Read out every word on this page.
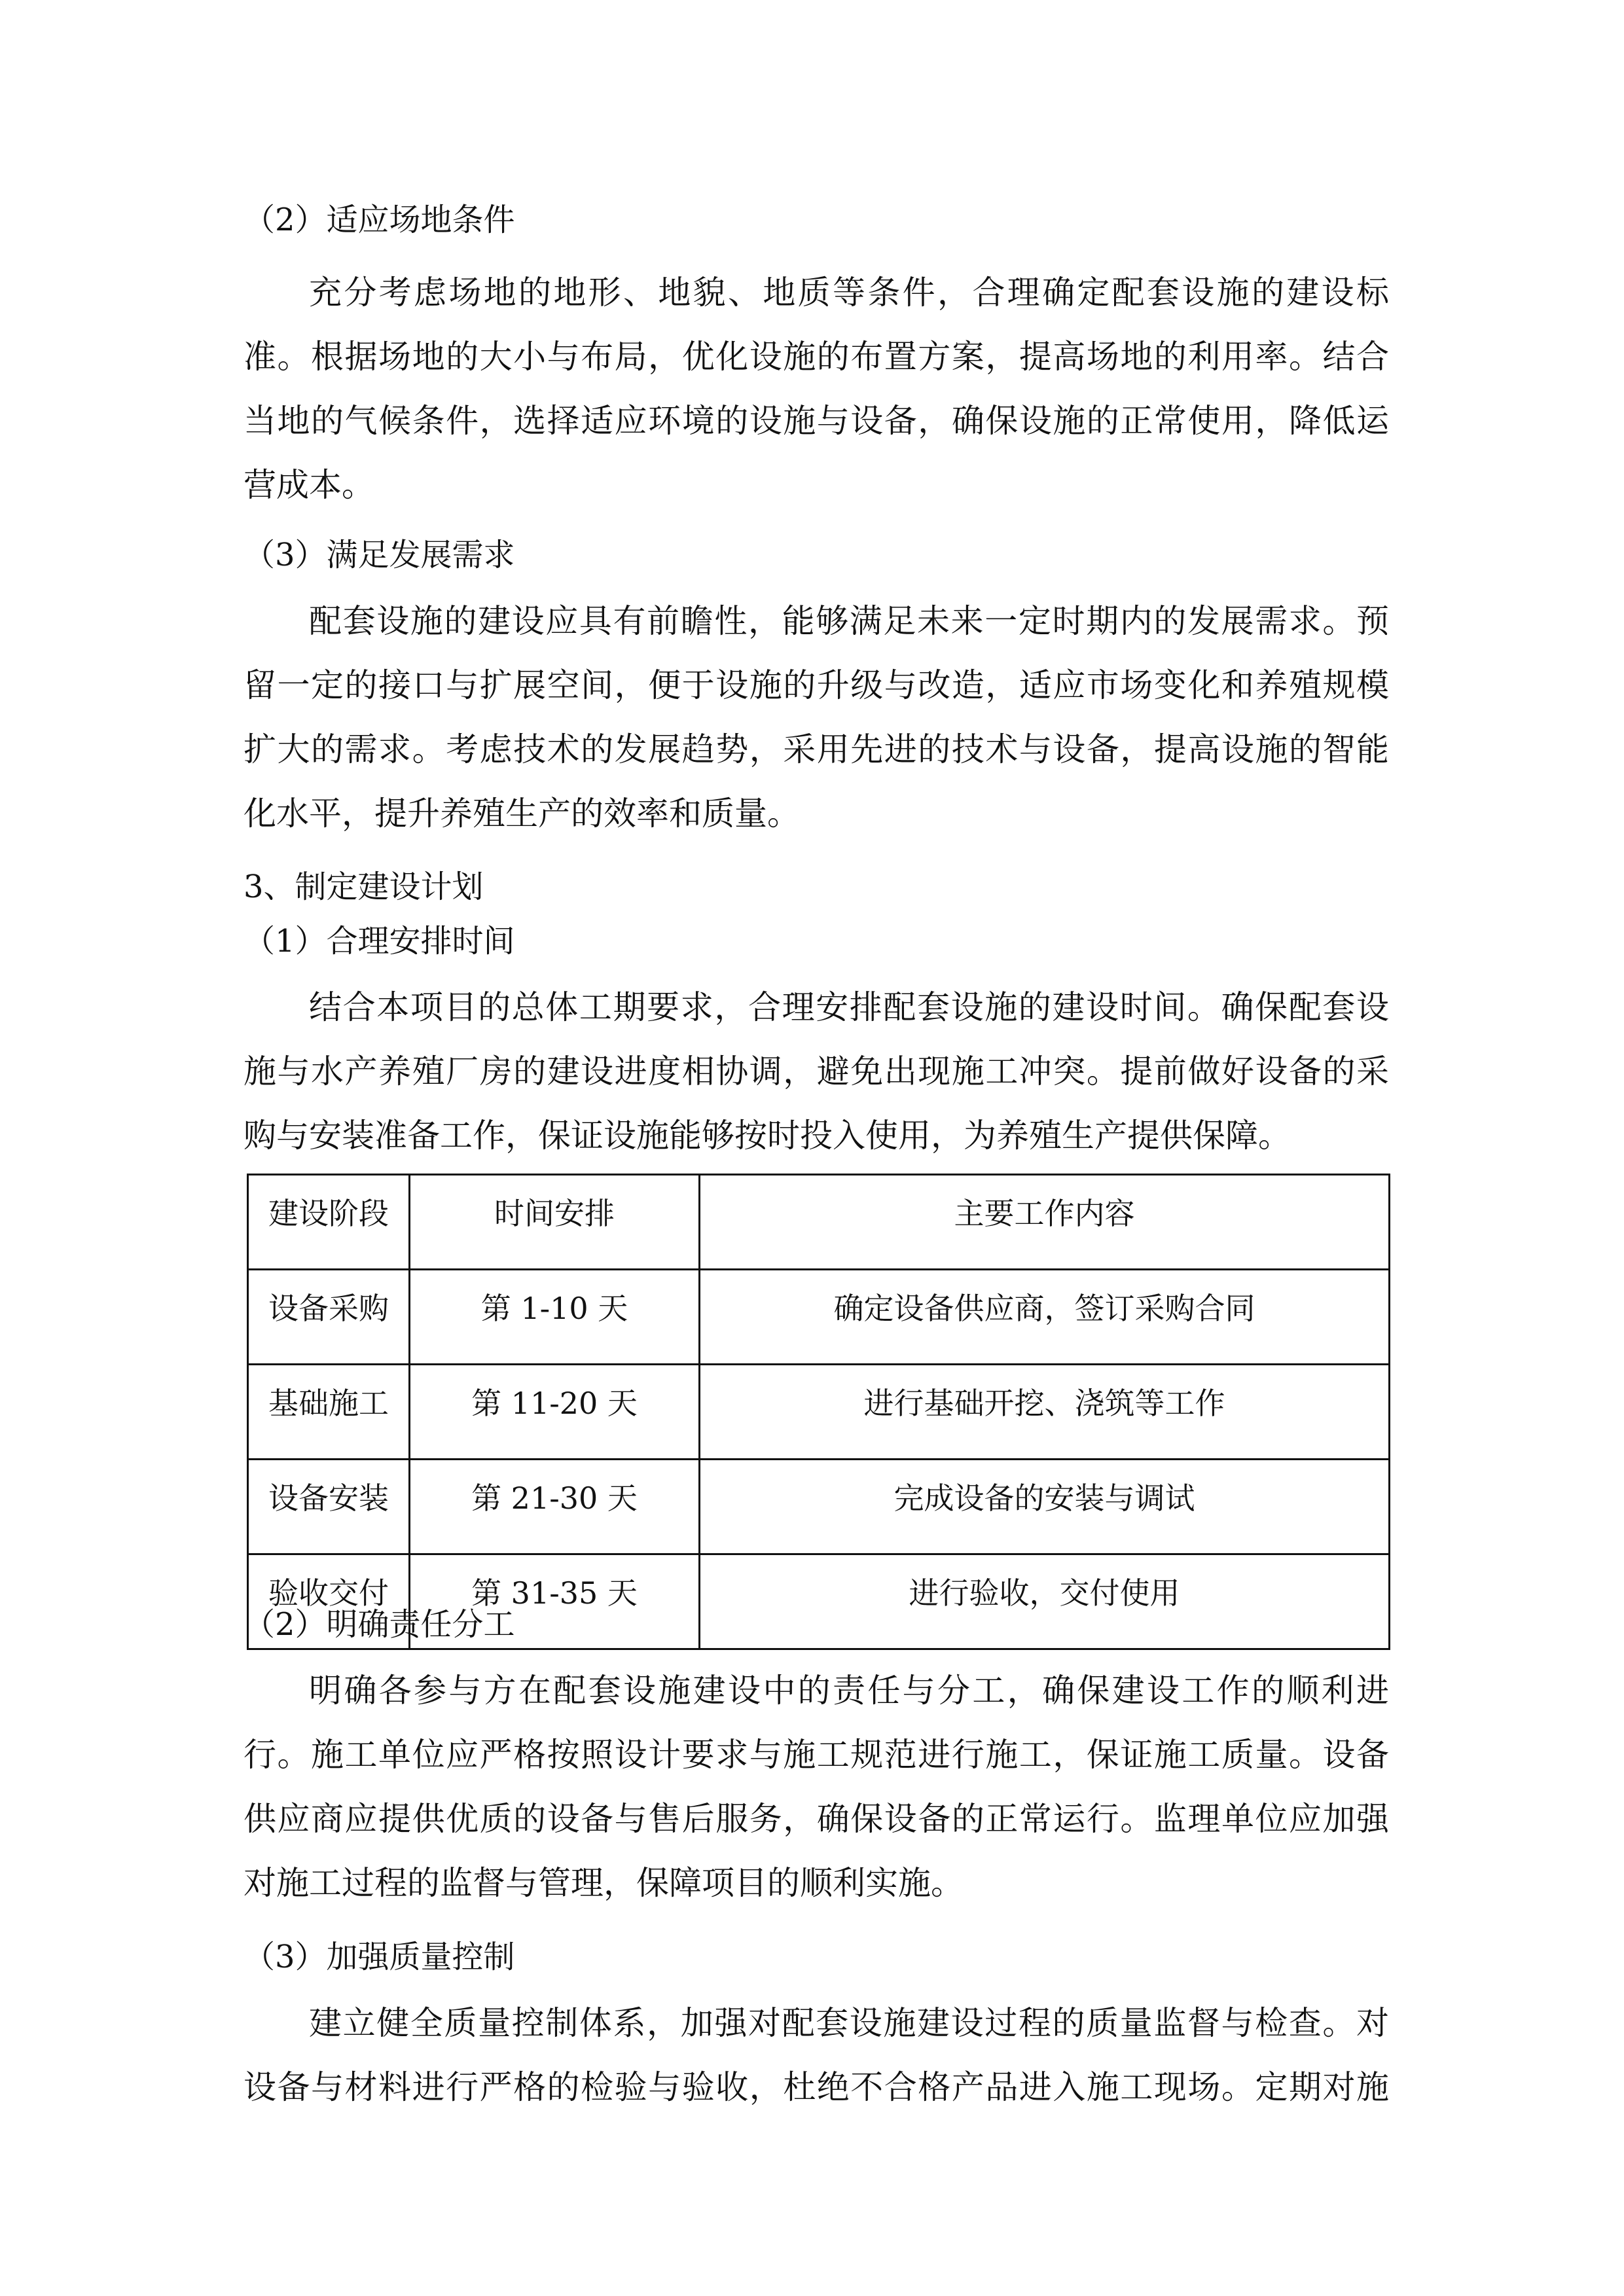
（2）适应场地条件
充分考虑场地的地形、地貌、地质等条件，合理确定配套设施的建设标
准。根据场地的大小与布局，优化设施的布置方案，提高场地的利用率。结合
当地的气候条件，选择适应环境的设施与设备，确保设施的正常使用，降低运
营成本。
（3）满足发展需求
配套设施的建设应具有前瞻性，能够满足未来一定时期内的发展需求。预
留一定的接口与扩展空间，便于设施的升级与改造，适应市场变化和养殖规模
扩大的需求。考虑技术的发展趋势，采用先进的技术与设备，提高设施的智能
化水平，提升养殖生产的效率和质量。
3、制定建设计划
（1）合理安排时间
结合本项目的总体工期要求，合理安排配套设施的建设时间。确保配套设
施与水产养殖厂房的建设进度相协调，避免出现施工冲突。提前做好设备的采
购与安装准备工作，保证设施能够按时投入使用，为养殖生产提供保障。
建设阶段	时间安排	主要工作内容
设备采购	第 1-10 天	确定设备供应商，签订采购合同
基础施工	第 11-20 天	进行基础开挖、浇筑等工作
设备安装	第 21-30 天	完成设备的安装与调试
验收交付	第 31-35 天	进行验收，交付使用
（2）明确责任分工
明确各参与方在配套设施建设中的责任与分工，确保建设工作的顺利进
行。施工单位应严格按照设计要求与施工规范进行施工，保证施工质量。设备
供应商应提供优质的设备与售后服务，确保设备的正常运行。监理单位应加强
对施工过程的监督与管理，保障项目的顺利实施。
（3）加强质量控制
建立健全质量控制体系，加强对配套设施建设过程的质量监督与检查。对
设备与材料进行严格的检验与验收，杜绝不合格产品进入施工现场。定期对施
